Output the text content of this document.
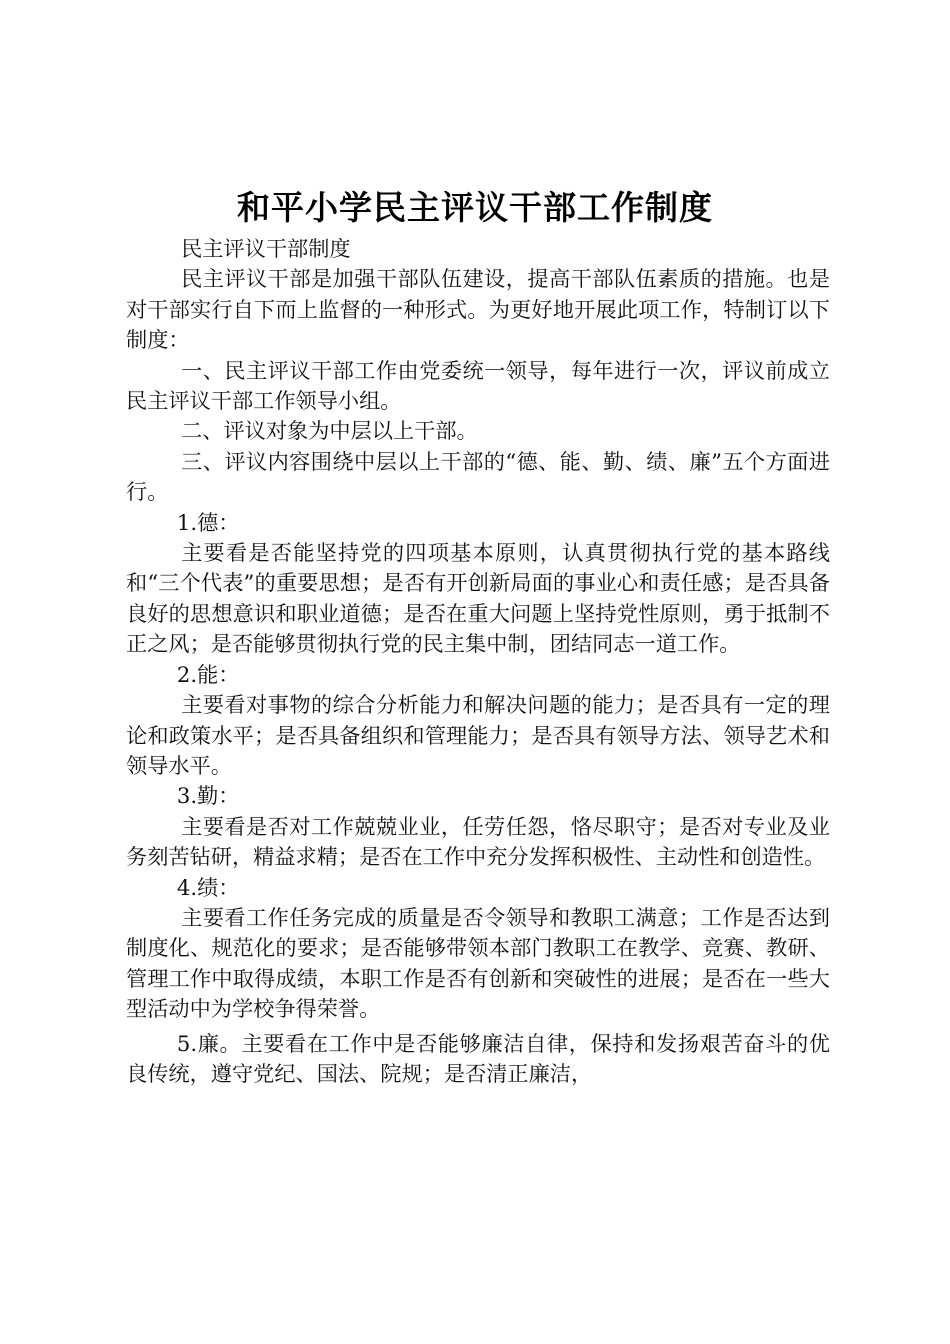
和平小学民主评议干部工作制度

民主评议干部制度

民主评议干部是加强干部队伍建设，提高干部队伍素质的措施。也是对干部实行自下而上监督的一种形式。为更好地开展此项工作，特制订以下制度：

一、民主评议干部工作由党委统一领导，每年进行一次，评议前成立民主评议干部工作领导小组。

二、评议对象为中层以上干部。

三、评议内容围绕中层以上干部的“德、能、勤、绩、廉”五个方面进行。

1.德：

主要看是否能坚持党的四项基本原则，认真贯彻执行党的基本路线和“三个代表”的重要思想；是否有开创新局面的事业心和责任感；是否具备良好的思想意识和职业道德；是否在重大问题上坚持党性原则，勇于抵制不正之风；是否能够贯彻执行党的民主集中制，团结同志一道工作。

2.能：

主要看对事物的综合分析能力和解决问题的能力；是否具有一定的理论和政策水平；是否具备组织和管理能力；是否具有领导方法、领导艺术和领导水平。

3.勤：

主要看是否对工作兢兢业业，任劳任怨，恪尽职守；是否对专业及业务刻苦钻研，精益求精；是否在工作中充分发挥积极性、主动性和创造性。

4.绩：

主要看工作任务完成的质量是否令领导和教职工满意；工作是否达到制度化、规范化的要求；是否能够带领本部门教职工在教学、竞赛、教研、管理工作中取得成绩，本职工作是否有创新和突破性的进展；是否在一些大型活动中为学校争得荣誉。

5.廉。主要看在工作中是否能够廉洁自律，保持和发扬艰苦奋斗的优良传统，遵守党纪、国法、院规；是否清正廉洁，
